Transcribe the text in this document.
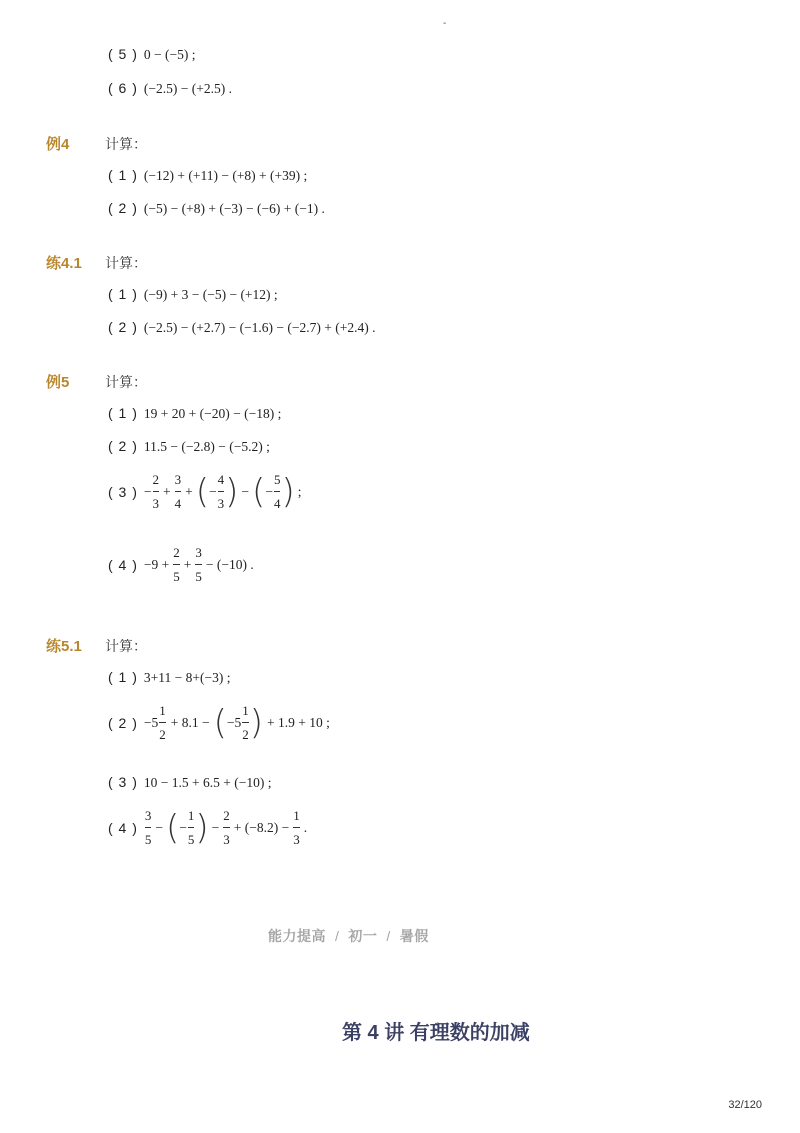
-
( 5 ) 0 − (−5) ;
( 6 ) (−2.5) − (+2.5) .
例4	计算：
( 1 ) (−12) + (+11) − (+8) + (+39) ;
( 2 ) (−5) − (+8) + (−3) − (−6) + (−1) .
练4.1 计算：
( 1 ) (−9) + 3 − (−5) − (+12) ;
( 2 ) (−2.5) − (+2.7) − (−1.6) − (−2.7) + (+2.4) .
例5	计算：
( 1 ) 19 + 20 + (−20) − (−18) ;
( 2 ) 11.5 − (−2.8) − (−5.2) ;
( 3 ) − $\frac{2}{3} + \frac{3}{4}$ + ( − $\frac{4}{3}$ ) − ( − $\frac{5}{4}$ ) ;
( 4 ) $-9 + \frac{2}{5} + \frac{3}{5} - (-10)$ .
练5.1 计算：
( 1 ) 3+11 − 8+(−3) ;
( 2 ) $-5 \frac{1}{2} + 8.1$ − ( $-5 \frac{1}{2}$ ) + 1.9 + 10 ;
( 3 ) 10 − 1.5 + 6.5 + (−10) ;
( 4 ) $\frac{3}{5}$ − ( − $\frac{1}{5}$ ) − $\frac{2}{3} + (-8.2) - \frac{1}{3}$ .
能力提高 / 初一 / 暑假
第 4 讲 有理数的加减
32/120
